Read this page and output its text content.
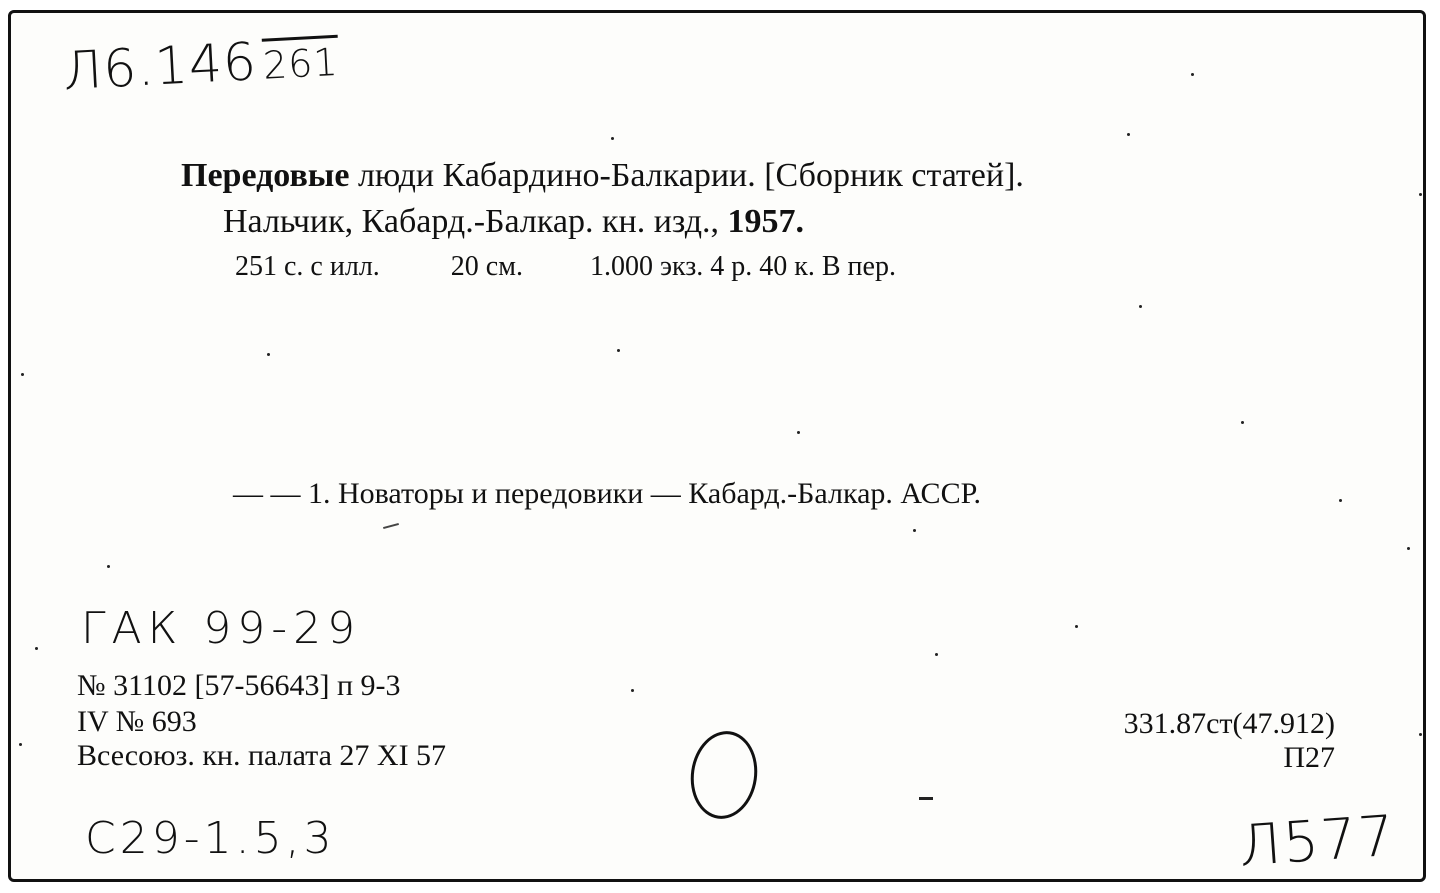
Л6.146261
Передовые люди Кабардино-Балкарии. [Сборник статей].
Нальчик, Кабард.-Балкар. кн. изд., 1957.
251 с. с илл.	20 см. 1.000 экз. 4 р. 40 к. В пер.
— — 1. Новаторы и передовики — Кабард.-Балкар. АССР.
ГАК 99-29
№ 31102 [57-56643] п 9-3
IV № 693
Всесоюз. кн. палата 27 XI 57
331.87ст(47.912)
П27
С29-1.5,3	Л577
